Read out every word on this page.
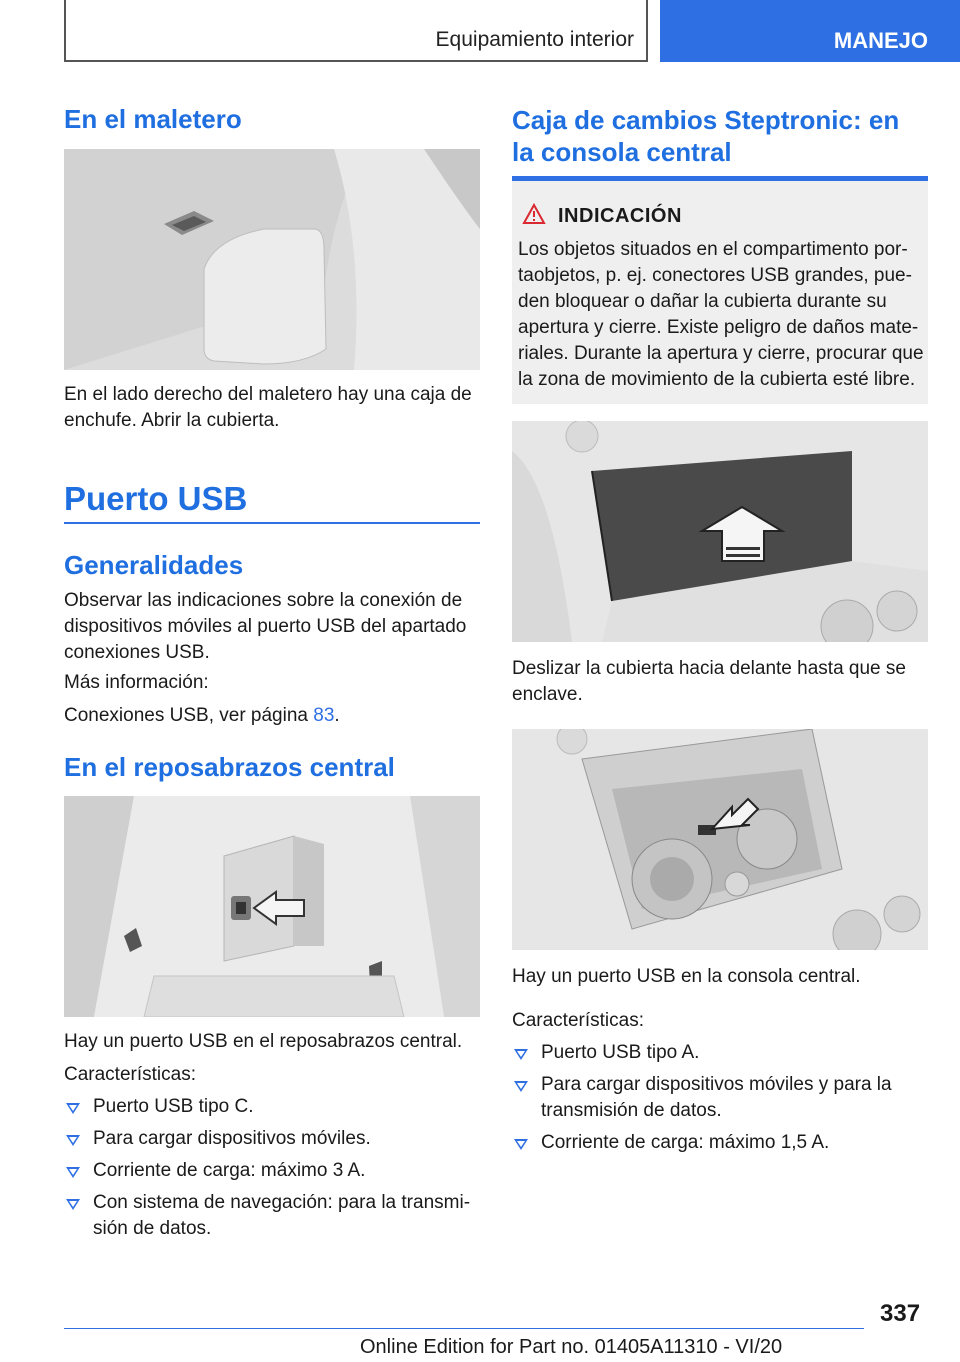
Equipamiento interior	MANEJO
En el maletero

En el lado derecho del maletero hay una caja de enchufe. Abrir la cubierta.

Puerto USB
Generalidades

Observar las indicaciones sobre la conexión de dispositivos móviles al puerto USB del apartado conexiones USB.

Más información:

Conexiones USB, ver página 83.

En el reposabrazos central

Hay un puerto USB en el reposabrazos central.

Características:

Puerto USB tipo C.
Para cargar dispositivos móviles.
Corriente de carga: máximo 3 A.
Con sistema de navegación: para la transmi-sión de datos.
Caja de cambios Steptronic: en la consola central
INDICACIÓN
Los objetos situados en el compartimento por-taobjetos, p. ej. conectores USB grandes, pue-den bloquear o dañar la cubierta durante su apertura y cierre. Existe peligro de daños mate-riales. Durante la apertura y cierre, procurar que la zona de movimiento de la cubierta esté libre.

Deslizar la cubierta hacia delante hasta que se enclave.

Hay un puerto USB en la consola central.

Características:

Puerto USB tipo A.
Para cargar dispositivos móviles y para la transmisión de datos.
Corriente de carga: máximo 1,5 A.
337
Online Edition for Part no. 01405A11310 - VI/20
